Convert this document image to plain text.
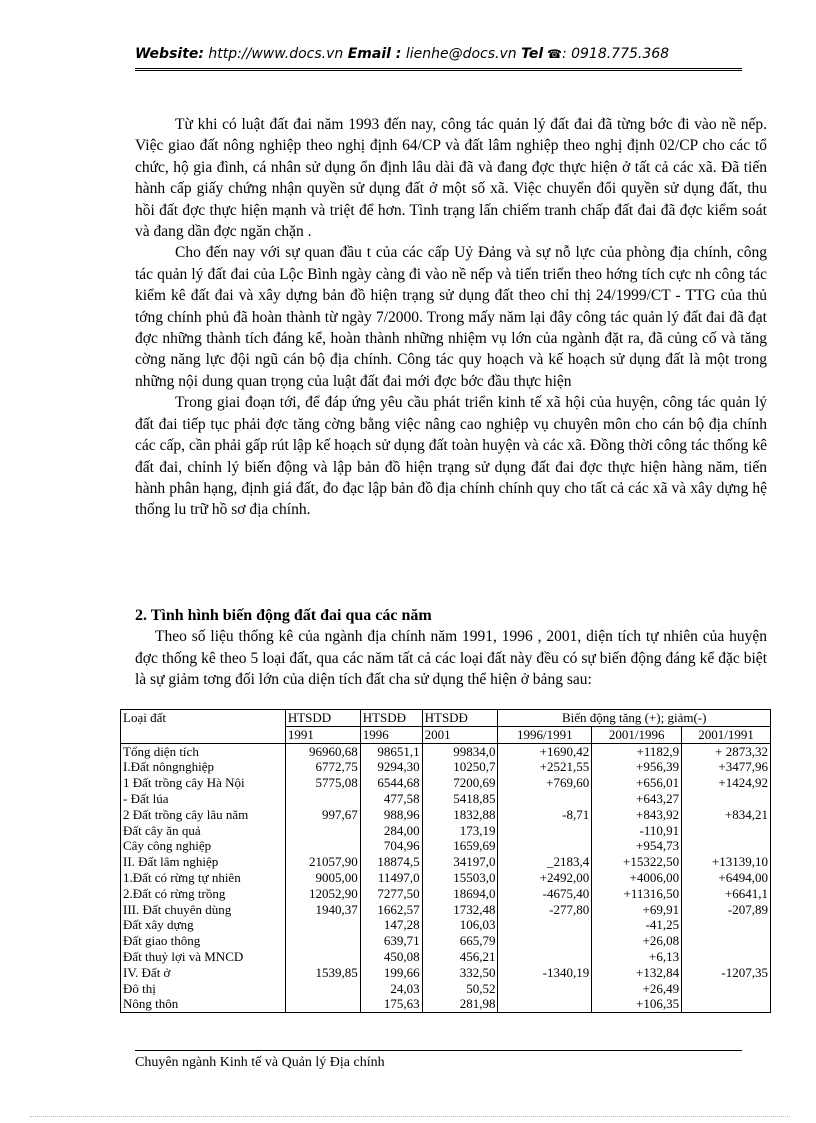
Website: http://www.docs.vn Email : lienhe@docs.vn Tel ☎: 0918.775.368

Từ khi có luật đất đai năm 1993 đến nay, công tác quản lý đất đai đã từng bớc đi vào nề nếp. Việc giao đất nông nghiệp theo nghị định 64/CP và đất lâm nghiệp theo nghị định 02/CP cho các tổ chức, hộ gia đình, cá nhân sử dụng ổn định lâu dài đã và đang đợc thực hiện ở tất cả các xã. Đã tiến hành cấp giấy chứng nhận quyền sử dụng đất ở một số xã. Việc chuyển đổi quyền sử dụng đất, thu hồi đất đợc thực hiện mạnh và triệt để hơn. Tình trạng lấn chiếm tranh chấp đất đai đã đợc kiểm soát và đang dần đợc ngăn chặn .

Cho đến nay với sự quan đầu t của các cấp Uỷ Đảng và sự nỗ lực của phòng địa chính, công tác quản lý đất đai của Lộc Bình ngày càng đi vào nề nếp và tiến triển theo hớng tích cực nh công tác kiểm kê đất đai và xây dựng bản đồ hiện trạng sử dụng đất theo chỉ thị 24/1999/CT - TTG của thủ tớng chính phủ đã hoàn thành từ ngày 7/2000. Trong mấy năm lại đây công tác quản lý đất đai đã đạt đợc những thành tích đáng kể, hoàn thành những nhiệm vụ lớn của ngành đặt ra, đã củng cố và tăng cờng năng lực đội ngũ cán bộ địa chính. Công tác quy hoạch và kế hoạch sử dụng đất là một trong những nội dung quan trọng của luật đất đai mới đợc bớc đầu thực hiện

Trong giai đoạn tới, để đáp ứng yêu cầu phát triển kinh tế xã hội của huyện, công tác quản lý đất đai tiếp tục phải đợc tăng cờng bằng việc nâng cao nghiệp vụ chuyên môn cho cán bộ địa chính các cấp, cần phải gấp rút lập kế hoạch sử dụng đất toàn huyện và các xã. Đồng thời công tác thống kê đất đai, chỉnh lý biến động và lập bản đồ hiện trạng sử dụng đất đai đợc thực hiện hàng năm, tiến hành phân hạng, định giá đất, đo đạc lập bản đồ địa chính chính quy cho tất cả các xã và xây dựng hệ thống lu trữ hồ sơ địa chính.

2. Tình hình biến động đất đai qua các năm

Theo số liệu thống kê của ngành địa chính năm 1991, 1996 , 2001, diện tích tự nhiên của huyện đợc thống kê theo 5 loại đất, qua các năm tất cả các loại đất này đều có sự biến động đáng kể đặc biệt là sự giảm tơng đối lớn của diện tích đất cha sử dụng thể hiện ở bảng sau:

Loại đất	HTSDD	HTSDĐ	HTSDĐ	Biến động tăng (+); giảm(-)		
	1991	1996	2001	1996/1991	2001/1996	2001/1991
Tổng diện tích	96960,68	98651,1	99834,0	+1690,42	+1182,9	+ 2873,32
I.Đất nôngnghiệp	6772,75	9294,30	10250,7	+2521,55	+956,39	+3477,96
1 Đất trồng cây Hà Nội	5775,08	6544,68	7200,69	+769,60	+656,01	+1424,92
- Đất lúa		477,58	5418,85		+643,27	
2 Đất trồng cây lâu năm	997,67	988,96	1832,88	-8,71	+843,92	+834,21
Đất cây ăn quả		284,00	173,19		-110,91	
Cây công nghiệp		704,96	1659,69		+954,73	
II. Đất lâm nghiệp	21057,90	18874,5	34197,0	_2183,4	+15322,50	+13139,10
1.Đất có rừng tự nhiên	9005,00	11497,0	15503,0	+2492,00	+4006,00	+6494,00
2.Đất có rừng trồng	12052,90	7277,50	18694,0	-4675,40	+11316,50	+6641,1
III. Đất chuyên dùng	1940,37	1662,57	1732,48	-277,80	+69,91	-207,89
Đất xây dựng		147,28	106,03		-41,25	
Đất giao thông		639,71	665,79		+26,08	
Đất thuỷ lợi và MNCD		450,08	456,21		+6,13	
IV. Đất ở	1539,85	199,66	332,50	-1340,19	+132,84	-1207,35
Đô thị		24,03	50,52		+26,49	
Nông thôn		175,63	281,98		+106,35	
Chuyên ngành Kinh tế và Quản lý Địa chính
